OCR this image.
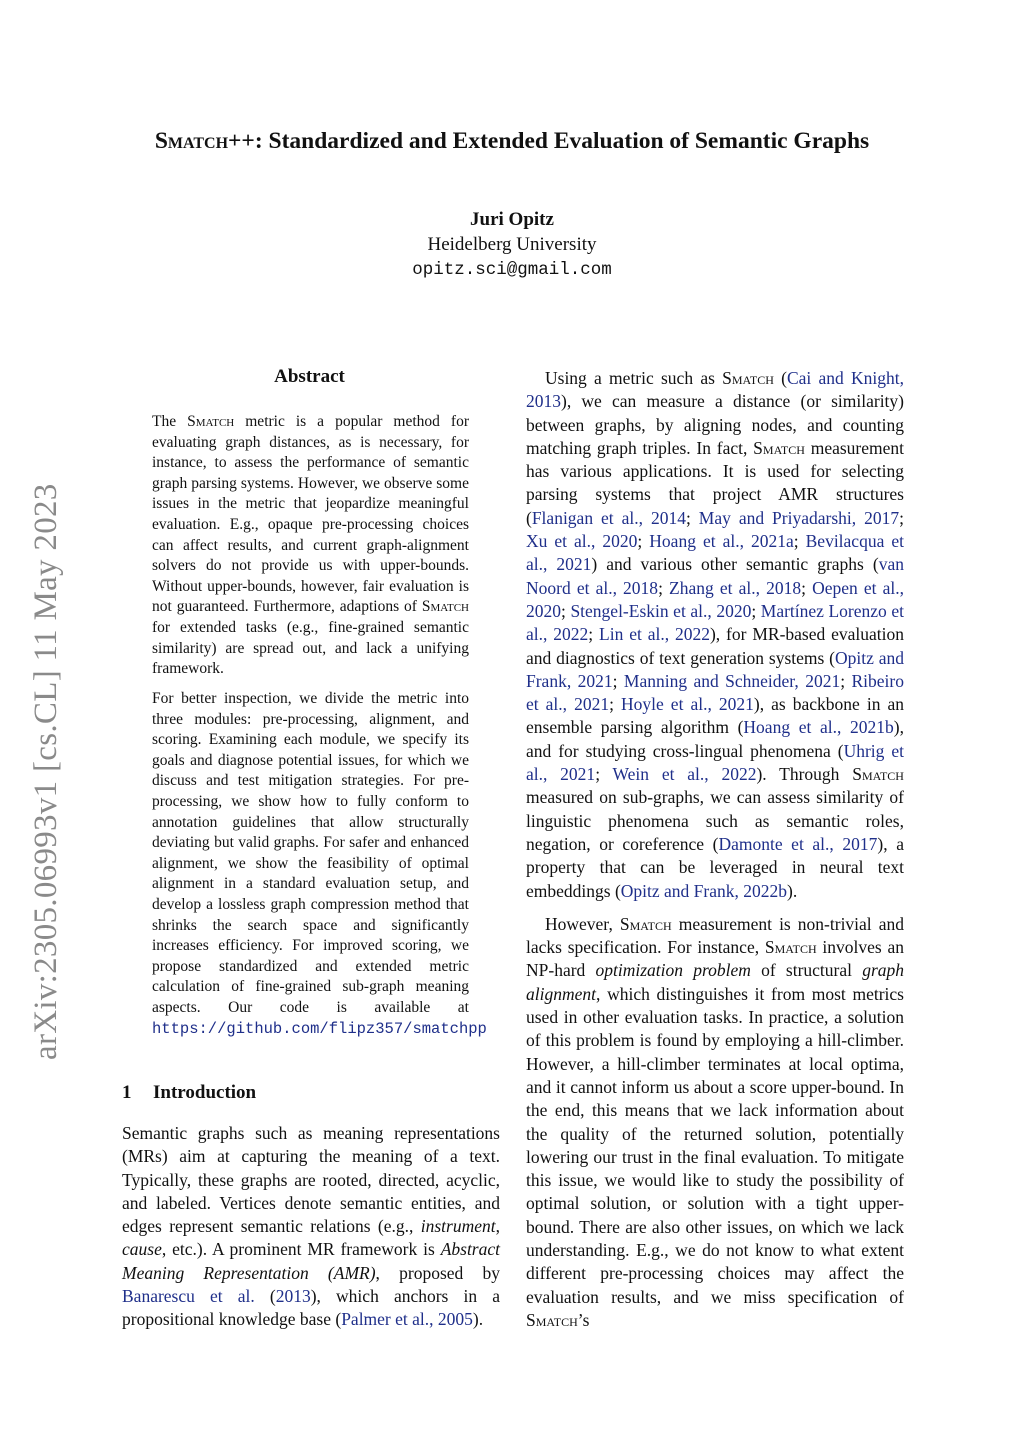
arXiv:2305.06993v1 [cs.CL] 11 May 2023
Smatch++: Standardized and Extended Evaluation of Semantic Graphs
Juri Opitz
Heidelberg University
opitz.sci@gmail.com
Abstract

The Smatch metric is a popular method for evaluating graph distances, as is necessary, for instance, to assess the performance of semantic graph parsing systems. However, we observe some issues in the metric that jeopardize meaningful evaluation. E.g., opaque pre-processing choices can affect results, and current graph-alignment solvers do not provide us with upper-bounds. Without upper-bounds, however, fair evaluation is not guaranteed. Furthermore, adaptions of Smatch for extended tasks (e.g., fine-grained semantic similarity) are spread out, and lack a unifying framework.

For better inspection, we divide the metric into three modules: pre-processing, alignment, and scoring. Examining each module, we specify its goals and diagnose potential issues, for which we discuss and test mitigation strategies. For pre-processing, we show how to fully conform to annotation guidelines that allow structurally deviating but valid graphs. For safer and enhanced alignment, we show the feasibility of optimal alignment in a standard evaluation setup, and develop a lossless graph compression method that shrinks the search space and significantly increases efficiency. For improved scoring, we propose standardized and extended metric calculation of fine-grained sub-graph meaning aspects. Our code is available at https://github.com/flipz357/smatchpp

1 Introduction

Semantic graphs such as meaning representations (MRs) aim at capturing the meaning of a text. Typically, these graphs are rooted, directed, acyclic, and labeled. Vertices denote semantic entities, and edges represent semantic relations (e.g., instrument, cause, etc.). A prominent MR framework is Abstract Meaning Representation (AMR), proposed by Banarescu et al. (2013), which anchors in a propositional knowledge base (Palmer et al., 2005).

Using a metric such as Smatch (Cai and Knight, 2013), we can measure a distance (or similarity) between graphs, by aligning nodes, and counting matching graph triples. In fact, Smatch measurement has various applications. It is used for selecting parsing systems that project AMR structures (Flanigan et al., 2014; May and Priyadarshi, 2017; Xu et al., 2020; Hoang et al., 2021a; Bevilacqua et al., 2021) and various other semantic graphs (van Noord et al., 2018; Zhang et al., 2018; Oepen et al., 2020; Stengel-Eskin et al., 2020; Martínez Lorenzo et al., 2022; Lin et al., 2022), for MR-based evaluation and diagnostics of text generation systems (Opitz and Frank, 2021; Manning and Schneider, 2021; Ribeiro et al., 2021; Hoyle et al., 2021), as backbone in an ensemble parsing algorithm (Hoang et al., 2021b), and for studying cross-lingual phenomena (Uhrig et al., 2021; Wein et al., 2022). Through Smatch measured on sub-graphs, we can assess similarity of linguistic phenomena such as semantic roles, negation, or coreference (Damonte et al., 2017), a property that can be leveraged in neural text embeddings (Opitz and Frank, 2022b).

However, Smatch measurement is non-trivial and lacks specification. For instance, Smatch involves an NP-hard optimization problem of structural graph alignment, which distinguishes it from most metrics used in other evaluation tasks. In practice, a solution of this problem is found by employing a hill-climber. However, a hill-climber terminates at local optima, and it cannot inform us about a score upper-bound. In the end, this means that we lack information about the quality of the returned solution, potentially lowering our trust in the final evaluation. To mitigate this issue, we would like to study the possibility of optimal solution, or solution with a tight upper-bound. There are also other issues, on which we lack understanding. E.g., we do not know to what extent different pre-processing choices may affect the evaluation results, and we miss specification of Smatch’s
